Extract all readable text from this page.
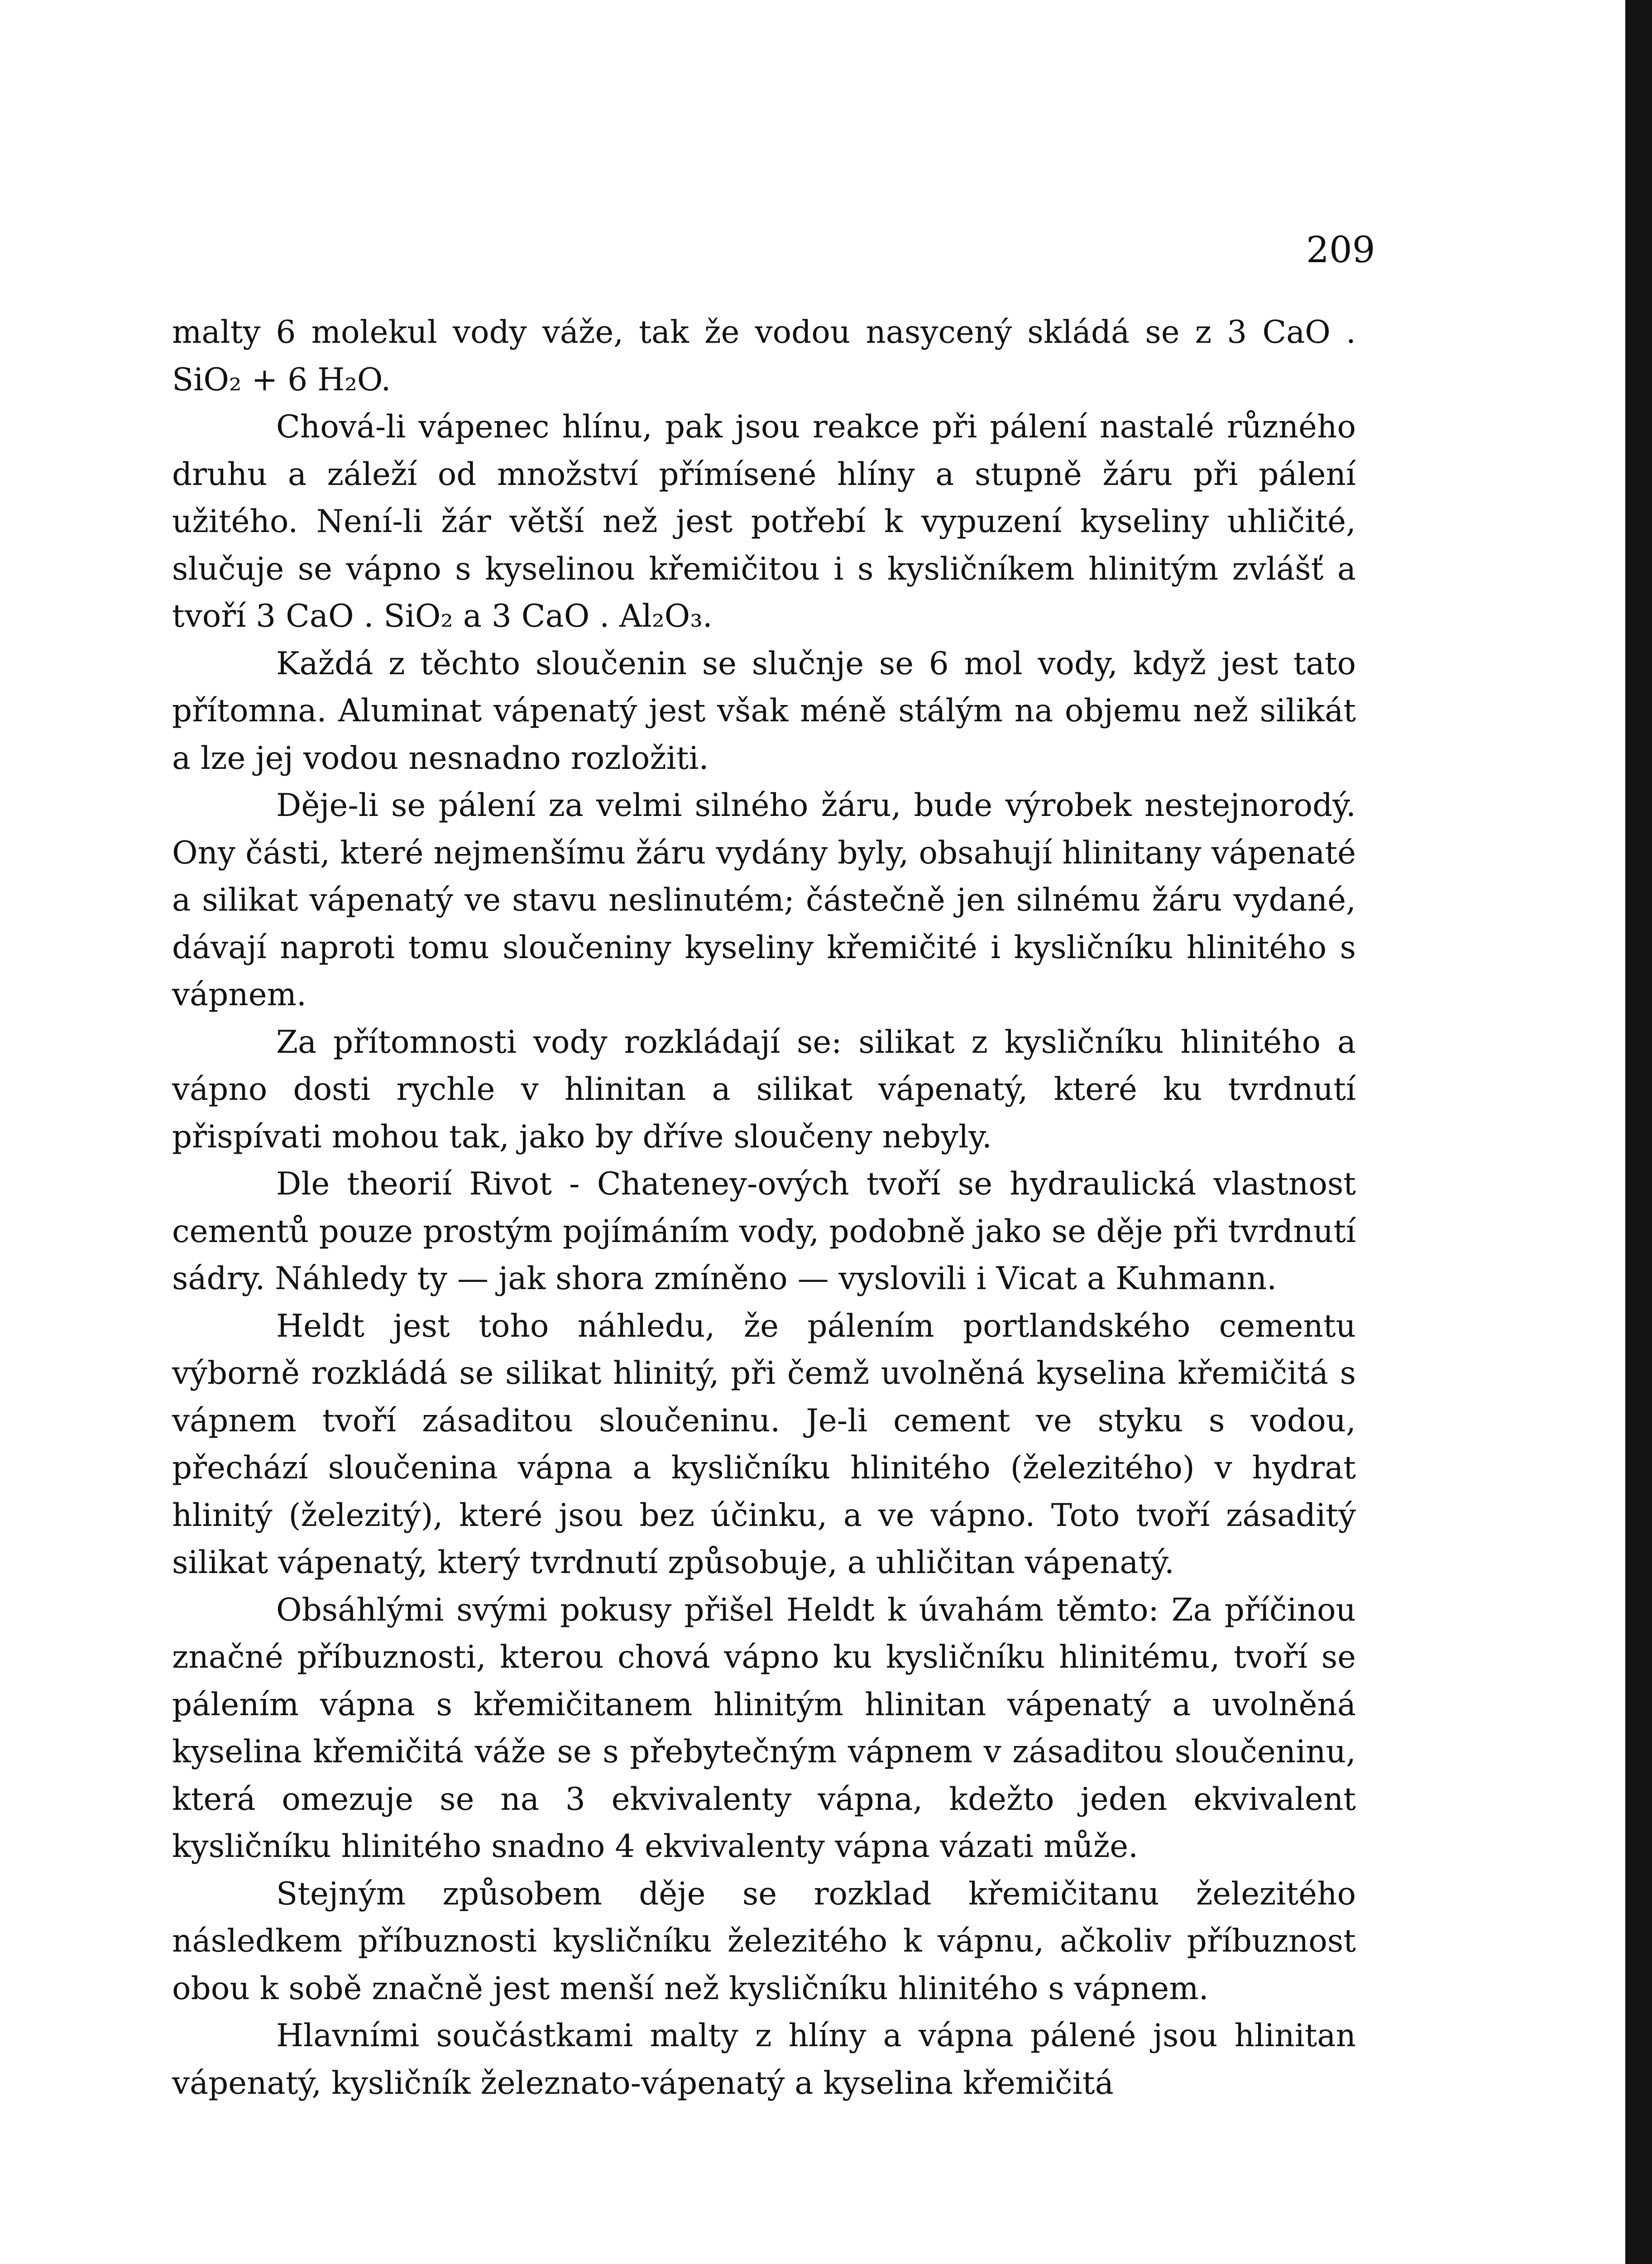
209

malty 6 molekul vody váže, tak že vodou nasycený skládá se z 3 CaO . SiO₂ + 6 H₂O.

Chová-li vápenec hlínu, pak jsou reakce při pálení nastalé různého druhu a záleží od množství přímísené hlíny a stupně žáru při pálení užitého. Není-li žár větší než jest potřebí k vypuzení kyseliny uhličité, slučuje se vápno s kyselinou křemičitou i s kysličníkem hlinitým zvlášť a tvoří 3 CaO . SiO₂ a 3 CaO . Al₂O₃.

Každá z těchto sloučenin se slučnje se 6 mol vody, když jest tato přítomna. Aluminat vápenatý jest však méně stálým na objemu než silikát a lze jej vodou nesnadno rozložiti.

Děje-li se pálení za velmi silného žáru, bude výrobek nestejnorodý. Ony části, které nejmenšímu žáru vydány byly, obsahují hlinitany vápenaté a silikat vápenatý ve stavu neslinutém; částečně jen silnému žáru vydané, dávají naproti tomu sloučeniny kyseliny křemičité i kysličníku hlinitého s vápnem.

Za přítomnosti vody rozkládají se: silikat z kysličníku hlinitého a vápno dosti rychle v hlinitan a silikat vápenatý, které ku tvrdnutí přispívati mohou tak, jako by dříve sloučeny nebyly.

Dle theorií Rivot - Chateney-ových tvoří se hydraulická vlastnost cementů pouze prostým pojímáním vody, podobně jako se děje při tvrdnutí sádry. Náhledy ty — jak shora zmíněno — vyslovili i Vicat a Kuhmann.

Heldt jest toho náhledu, že pálením portlandského cementu výborně rozkládá se silikat hlinitý, při čemž uvolněná kyselina křemičitá s vápnem tvoří zásaditou sloučeninu. Je-li cement ve styku s vodou, přechází sloučenina vápna a kysličníku hlinitého (železitého) v hydrat hlinitý (železitý), které jsou bez účinku, a ve vápno. Toto tvoří zásaditý silikat vápenatý, který tvrdnutí způsobuje, a uhličitan vápenatý.

Obsáhlými svými pokusy přišel Heldt k úvahám těmto: Za příčinou značné příbuznosti, kterou chová vápno ku kysličníku hlinitému, tvoří se pálením vápna s křemičitanem hlinitým hlinitan vápenatý a uvolněná kyselina křemičitá váže se s přebytečným vápnem v zásaditou sloučeninu, která omezuje se na 3 ekvivalenty vápna, kdežto jeden ekvivalent kysličníku hlinitého snadno 4 ekvivalenty vápna vázati může.

Stejným způsobem děje se rozklad křemičitanu železitého následkem příbuznosti kysličníku železitého k vápnu, ačkoliv příbuznost obou k sobě značně jest menší než kysličníku hlinitého s vápnem.

Hlavními součástkami malty z hlíny a vápna pálené jsou hlinitan vápenatý, kysličník železnato-vápenatý a kyselina křemičitá
